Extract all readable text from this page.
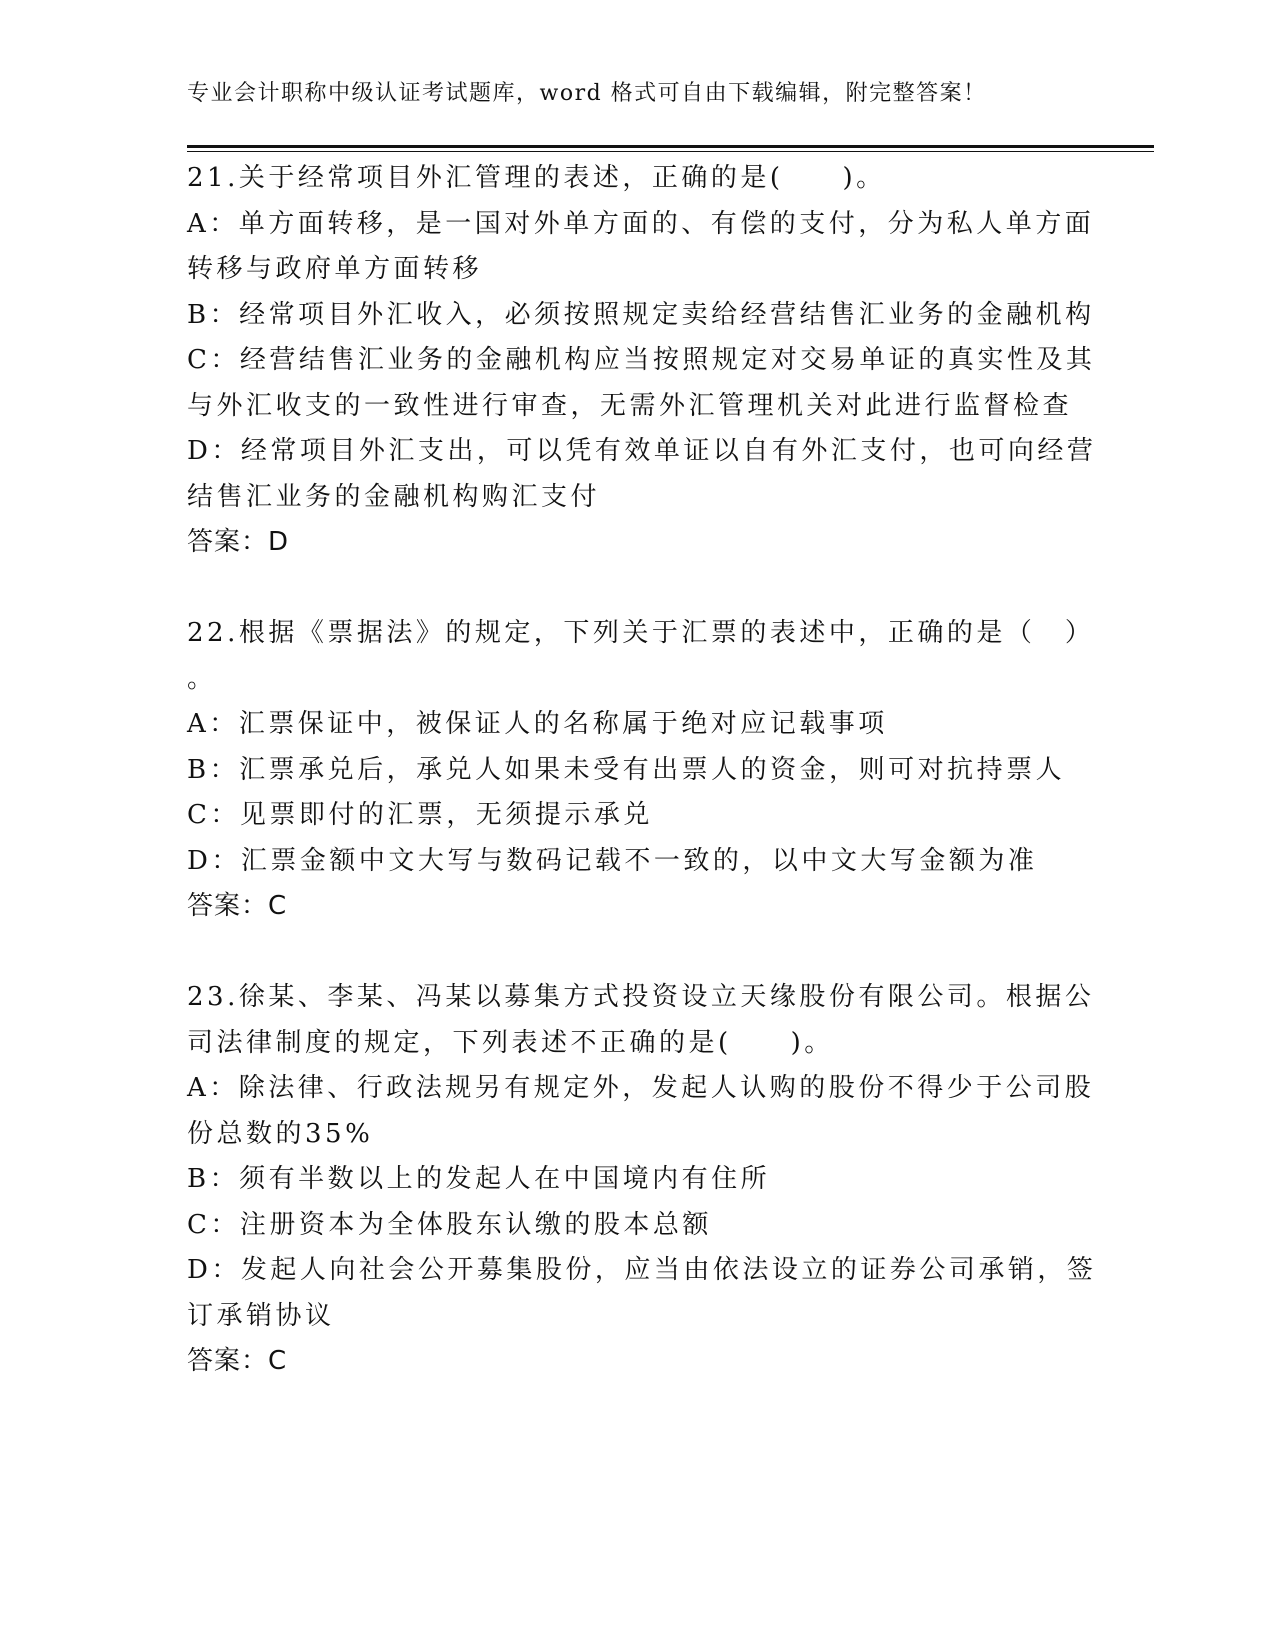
专业会计职称中级认证考试题库，word 格式可自由下载编辑，附完整答案！
21.关于经常项目外汇管理的表述，正确的是(　　)。
A：单方面转移，是一国对外单方面的、有偿的支付，分为私人单方面
转移与政府单方面转移
B：经常项目外汇收入，必须按照规定卖给经营结售汇业务的金融机构
C：经营结售汇业务的金融机构应当按照规定对交易单证的真实性及其
与外汇收支的一致性进行审查，无需外汇管理机关对此进行监督检查
D：经常项目外汇支出，可以凭有效单证以自有外汇支付，也可向经营
结售汇业务的金融机构购汇支付
答案：D
22.根据《票据法》的规定，下列关于汇票的表述中，正确的是（　）
。
A：汇票保证中，被保证人的名称属于绝对应记载事项
B：汇票承兑后，承兑人如果未受有出票人的资金，则可对抗持票人
C：见票即付的汇票，无须提示承兑
D：汇票金额中文大写与数码记载不一致的，以中文大写金额为准
答案：C
23.徐某、李某、冯某以募集方式投资设立天缘股份有限公司。根据公
司法律制度的规定，下列表述不正确的是(　　)。
A：除法律、行政法规另有规定外，发起人认购的股份不得少于公司股
份总数的35%
B：须有半数以上的发起人在中国境内有住所
C：注册资本为全体股东认缴的股本总额
D：发起人向社会公开募集股份，应当由依法设立的证券公司承销，签
订承销协议
答案：C
